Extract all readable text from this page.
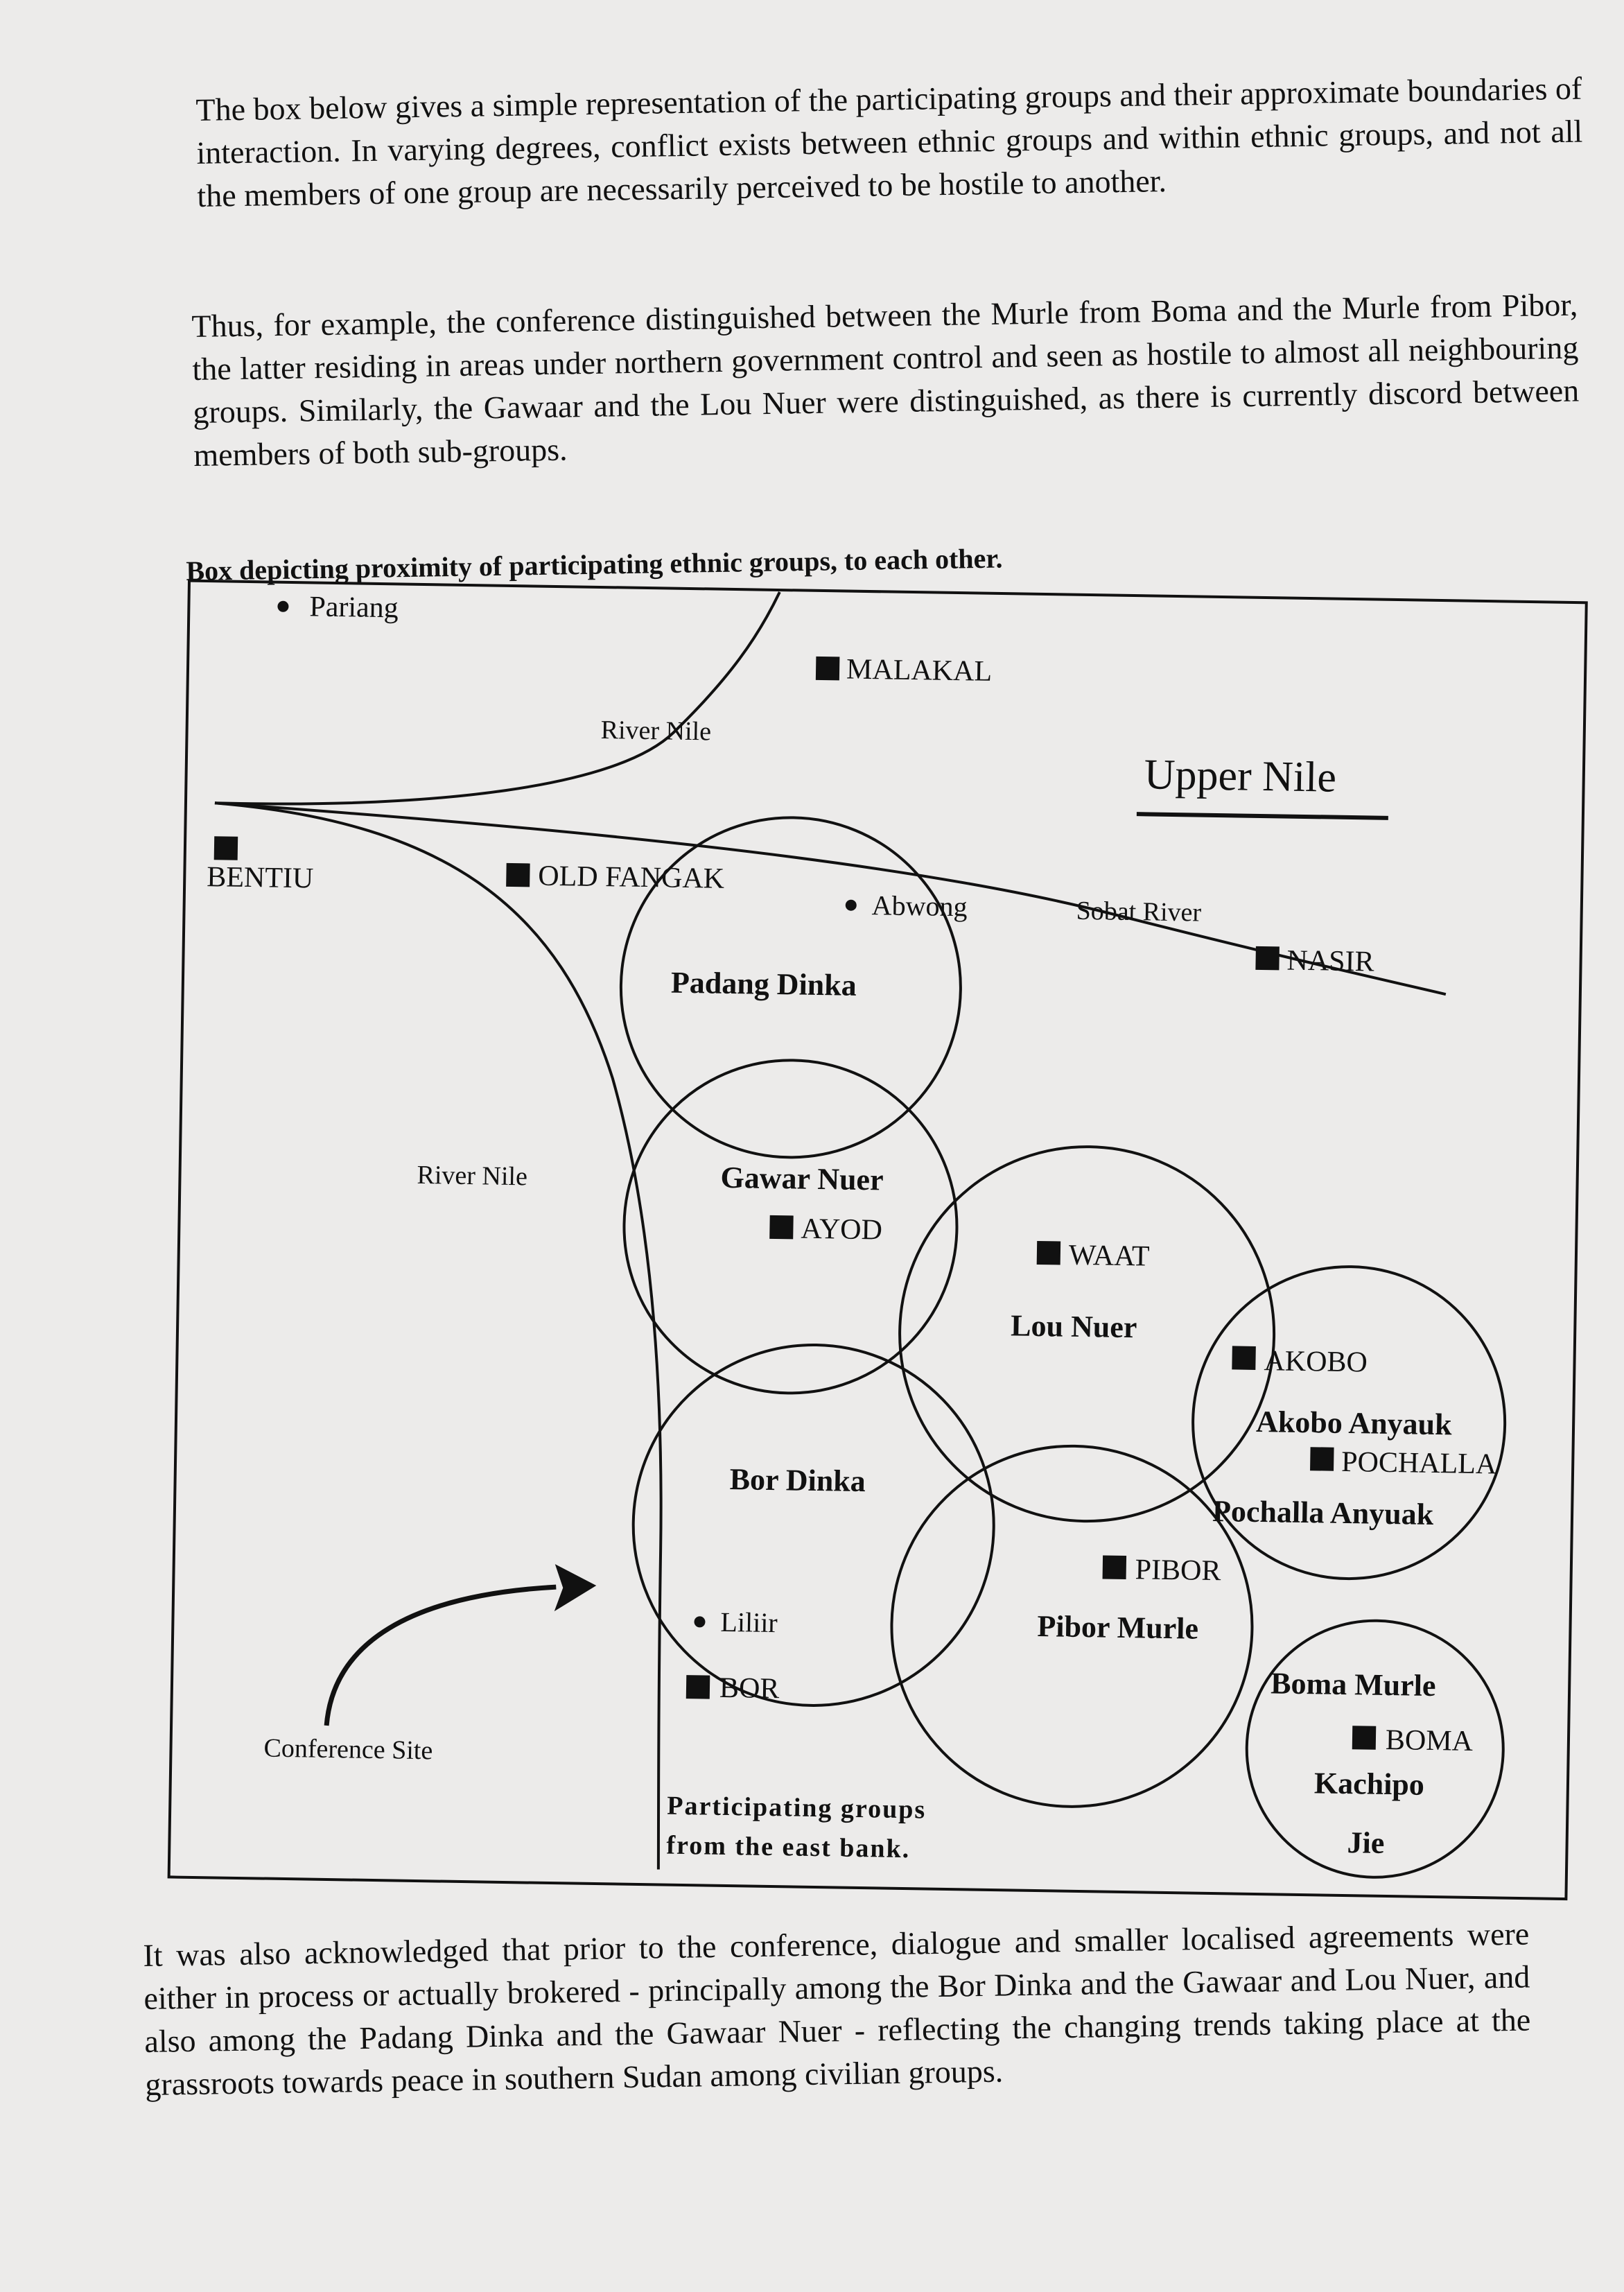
The box below gives a simple representation of the participating groups and their approximate boundaries of interaction. In varying degrees, conflict exists between ethnic groups and within ethnic groups, and not all the members of one group are necessarily perceived to be hostile to another.

Thus, for example, the conference distinguished between the Murle from Boma and the Murle from Pibor, the latter residing in areas under northern government control and seen as hostile to almost all neighbouring groups. Similarly, the Gawaar and the Lou Nuer were distinguished, as there is currently discord between members of both sub-groups.

Box depicting proximity of participating ethnic groups, to each other.
Pariang
MALAKAL
River Nile
Upper Nile
BENTIU	OLD FANGAK
Abwong	Sobat River
NASIR
Padang Dinka
River Nile	Gawar Nuer
AYOD
WAAT
Lou Nuer
AKOBO
Akobo Anyauk
POCHALLA
Pochalla Anyuak
Bor Dinka
PIBOR
Liliir	Pibor Murle
BOR	Boma Murle
BOMA
Kachipo
Conference Site
Participating groups
from the east bank.	Jie

It was also acknowledged that prior to the conference, dialogue and smaller localised agreements were either in process or actually brokered - principally among the Bor Dinka and the Gawaar and Lou Nuer, and also among the Padang Dinka and the Gawaar Nuer - reflecting the changing trends taking place at the grassroots towards peace in southern Sudan among civilian groups.
